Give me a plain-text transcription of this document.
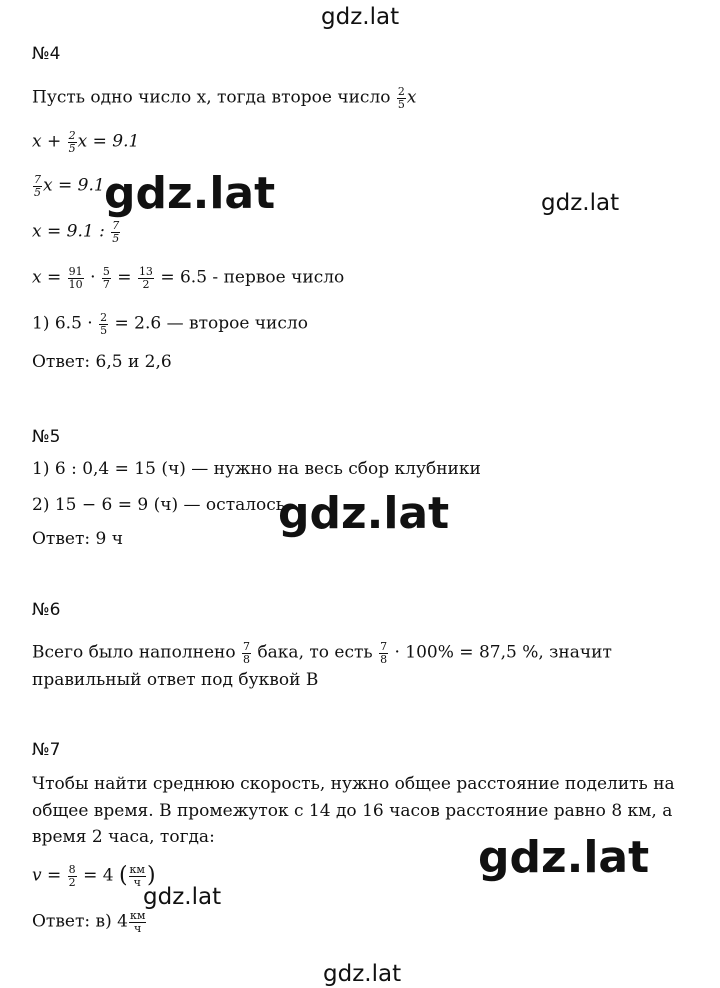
gdz.lat
gdz.lat	gdz.lat
gdz.lat
gdz.lat
gdz.lat
gdz.lat
№4
Пусть одно число x, тогда второе число $\frac{2}{5}$ x
$x + \frac{2}{5}$ x = 9.1
$\frac{7}{5}$ x = 9.1
x = 9.1 : $\frac{7}{5}$
$x = \frac{91}{10} \cdot \frac{5}{7} = \frac{13}{2} = 6.5$ - первое число
1) $6.5 \cdot \frac{2}{5} = 2.6$ — второе число
Ответ: 6,5 и 2,6
№5
1) 6 : 0,4 = 15 (ч) — нужно на весь сбор клубники
2) 15 − 6 = 9 (ч) — осталось
Ответ: 9 ч
№6
Всего было наполнено $\frac{7}{8}$ бака, то есть $\frac{7}{8} \cdot 100\% = 87,5$ %, значит
правильный ответ под буквой В
№7
Чтобы найти среднюю скорость, нужно общее расстояние поделить на
общее время. В промежуток с 14 до 16 часов расстояние равно 8 км, а
время 2 часа, тогда:
$v = \frac{8}{2} = 4$ ( $\frac{км}{ч}$ )
Ответ: в) $4 \frac{км}{ч}$
